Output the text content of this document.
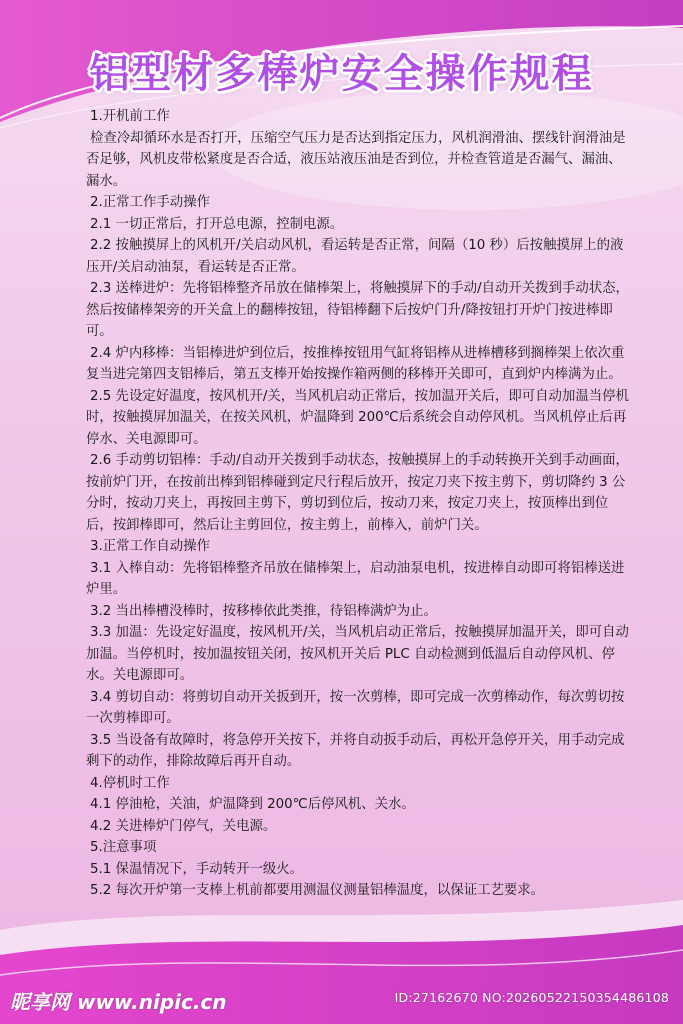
铝型材多棒炉安全操作规程

1.开机前工作

检查冷却循环水是否打开，压缩空气压力是否达到指定压力，风机润滑油、摆线针润滑油是否足够，风机皮带松紧度是否合适，液压站液压油是否到位，并检查管道是否漏气、漏油、漏水。

2.正常工作手动操作

2.1 一切正常后，打开总电源，控制电源。

2.2 按触摸屏上的风机开/关启动风机，看运转是否正常，间隔（10 秒）后按触摸屏上的液压开/关启动油泵，看运转是否正常。

2.3 送棒进炉：先将铝棒整齐吊放在储棒架上，将触摸屏下的手动/自动开关拨到手动状态，然后按储棒架旁的开关盒上的翻棒按钮，待铝棒翻下后按炉门升/降按钮打开炉门按进棒即可。

2.4 炉内移棒：当铝棒进炉到位后，按推棒按钮用气缸将铝棒从进棒槽移到搁棒架上依次重复当进完第四支铝棒后，第五支棒开始按操作箱两侧的移棒开关即可，直到炉内棒满为止。

2.5 先设定好温度，按风机开/关，当风机启动正常后，按加温开关后，即可自动加温当停机时，按触摸屏加温关，在按关风机，炉温降到 200℃后系统会自动停风机。当风机停止后再停水、关电源即可。

2.6 手动剪切铝棒：手动/自动开关拨到手动状态，按触摸屏上的手动转换开关到手动画面，按前炉门开，在按前出棒到铝棒碰到定尺行程后放开，按定刀夹下按主剪下，剪切降约 3 公分时，按动刀夹上，再按回主剪下，剪切到位后，按动刀来，按定刀夹上，按顶棒出到位后，按卸棒即可，然后让主剪回位，按主剪上，前棒入，前炉门关。

3.正常工作自动操作

3.1 入棒自动：先将铝棒整齐吊放在储棒架上，启动油泵电机，按进棒自动即可将铝棒送进炉里。

3.2 当出棒槽没棒时，按移棒依此类推，待铝棒满炉为止。

3.3 加温：先设定好温度，按风机开/关，当风机启动正常后，按触摸屏加温开关，即可自动加温。当停机时，按加温按钮关闭，按风机开关后 PLC 自动检测到低温后自动停风机、停水。关电源即可。

3.4 剪切自动：将剪切自动开关扳到开，按一次剪棒，即可完成一次剪棒动作，每次剪切按一次剪棒即可。

3.5 当设备有故障时，将急停开关按下，并将自动扳手动后，再松开急停开关，用手动完成剩下的动作，排除故障后再开自动。

4.停机时工作

4.1 停油枪，关油，炉温降到 200℃后停风机、关水。

4.2 关进棒炉门停气，关电源。

5.注意事项

5.1 保温情况下，手动转开一级火。

5.2 每次开炉第一支棒上机前都要用测温仪测量铝棒温度，以保证工艺要求。

昵享网 www.nipic.cn	ID:27162670 NO:20260522150354486108
